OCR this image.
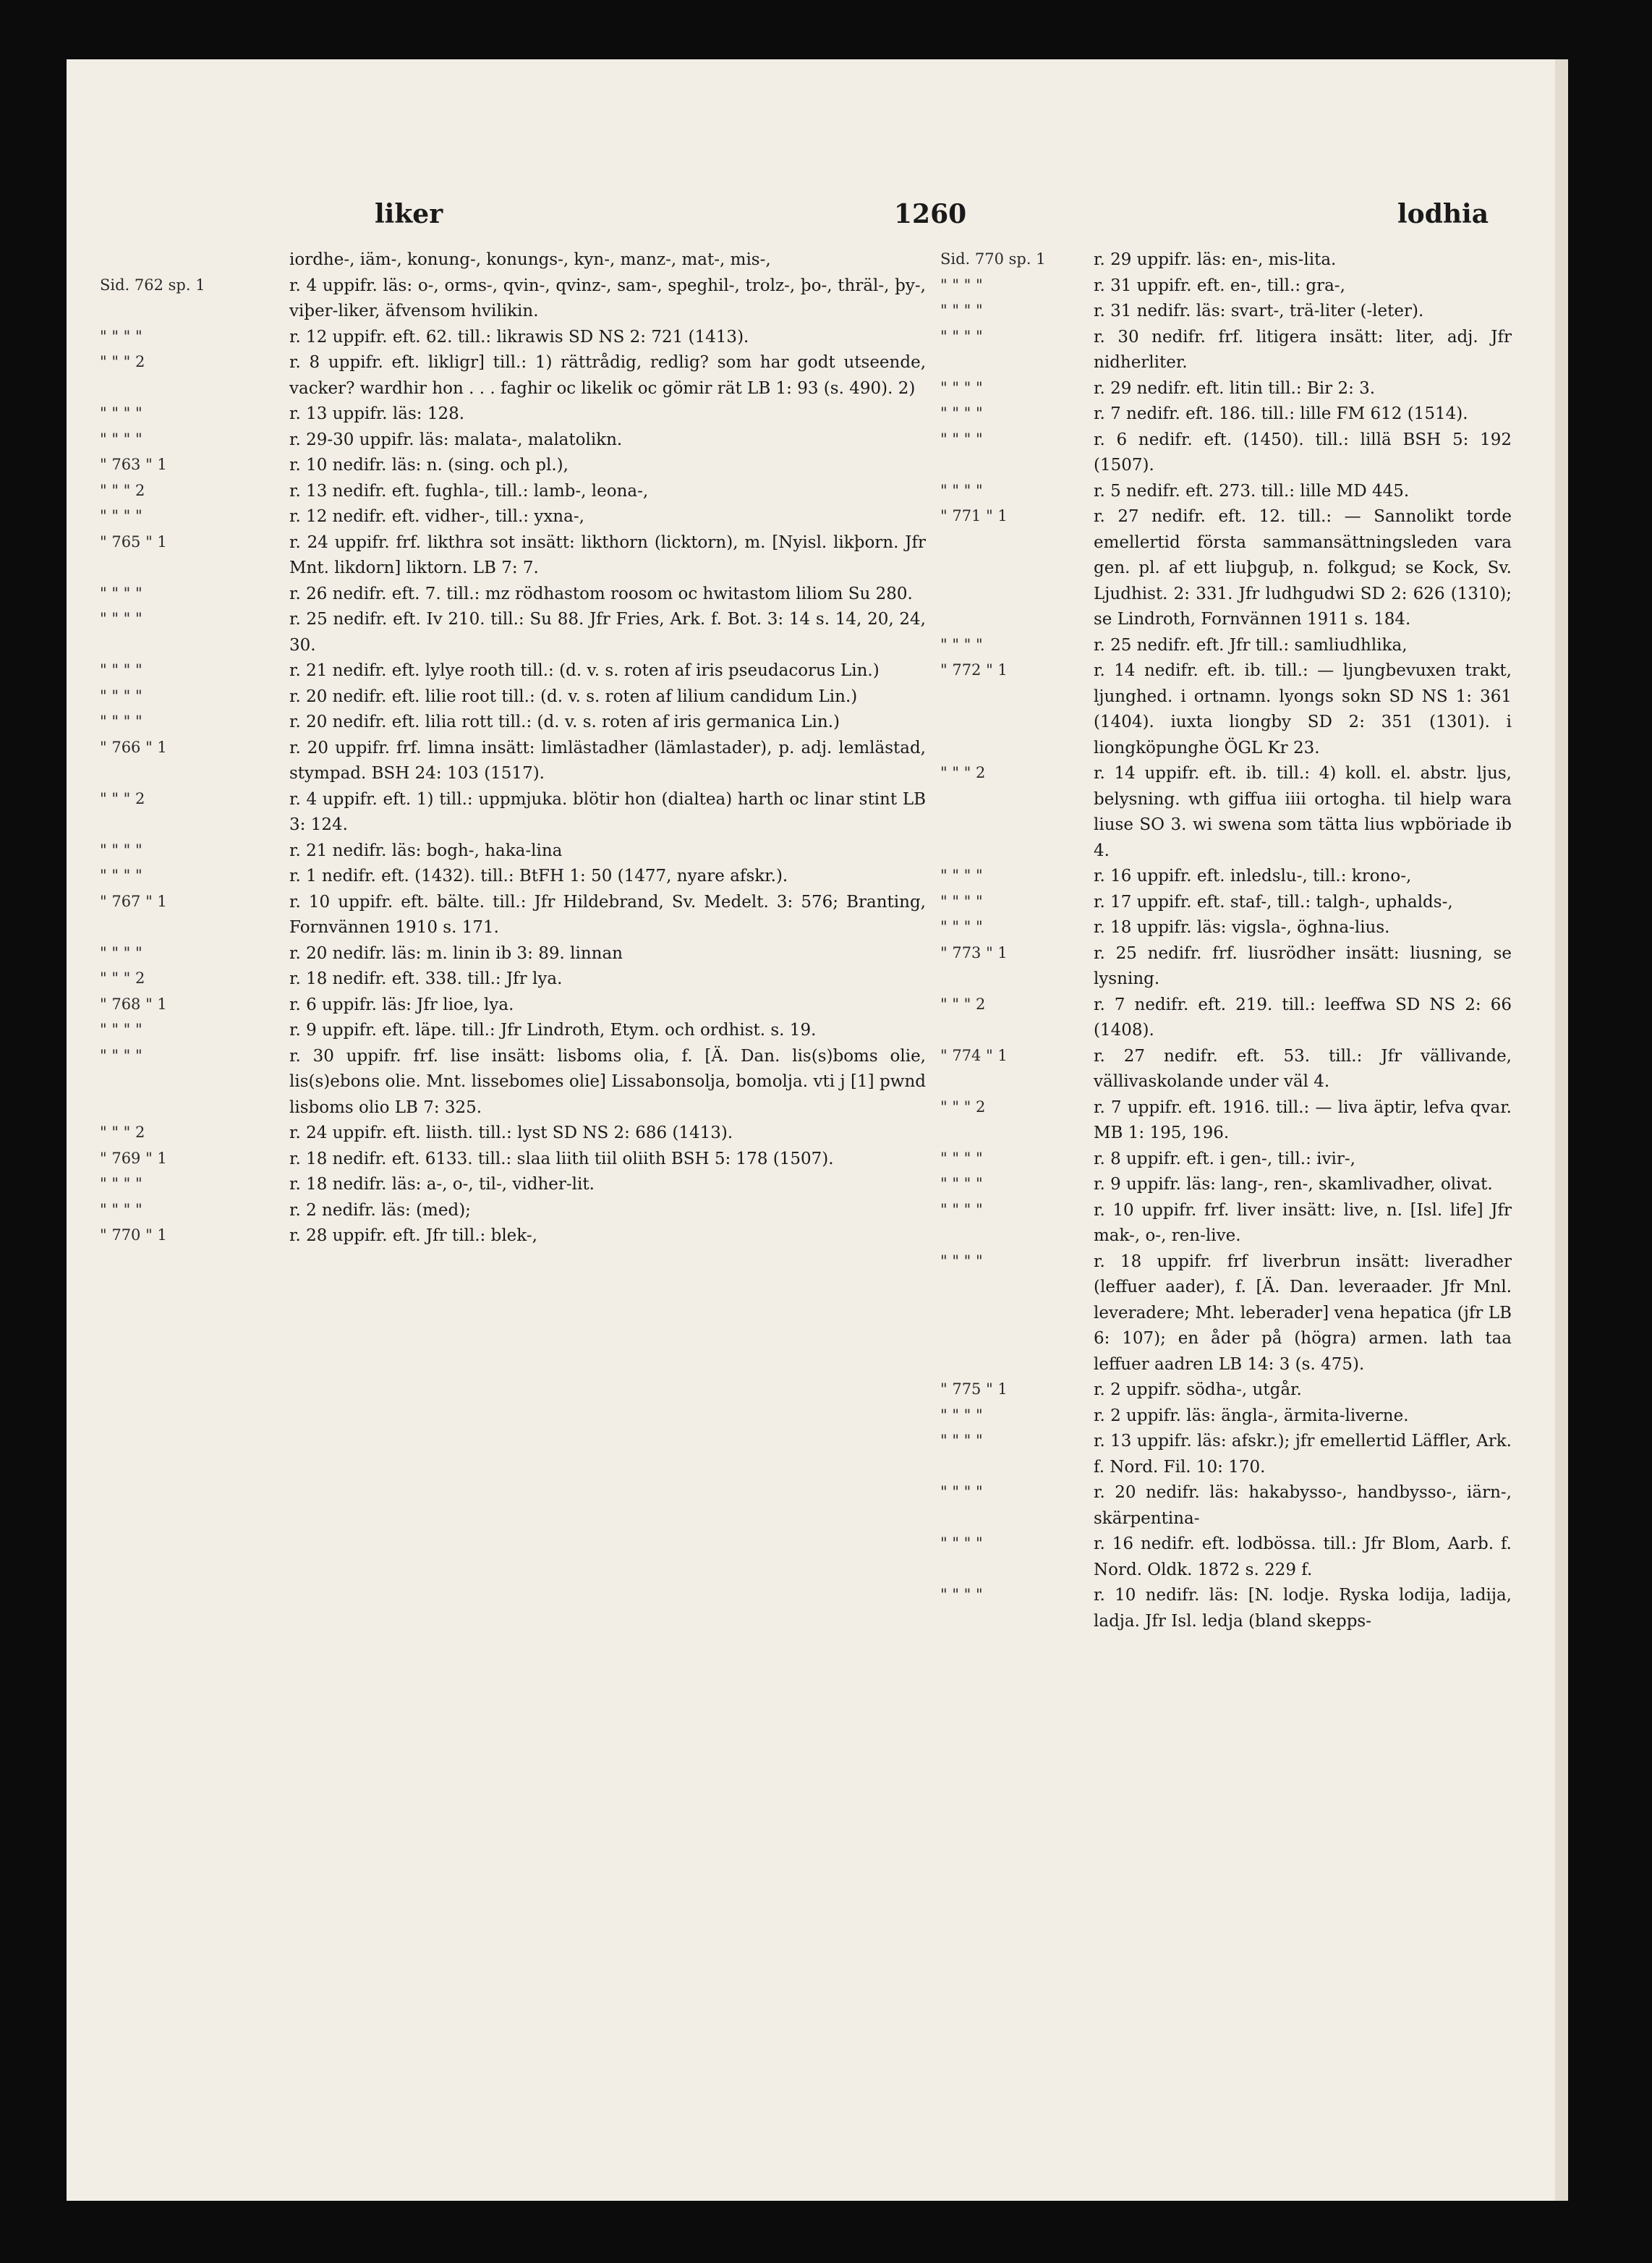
liker	1260	lodhia
iordhe-, iäm-, konung-, konungs-, kyn-, manz-, mat-, mis-,
Sid. 762 sp. 1	r. 4 uppifr. läs: o-, orms-, qvin-, qvinz-, sam-, speghil-, trolz-, þo-, thräl-, þy-, viþer-liker, äfvensom hvilikin.
" " " "	r. 12 uppifr. eft. 62. till.: likrawis SD NS 2: 721 (1413).
" " " 2	r. 8 uppifr. eft. likligr] till.: 1) rättrådig, redlig? som har godt utseende, vacker? wardhir hon . . . faghir oc likelik oc gömir rät LB 1: 93 (s. 490). 2)
" " " "	r. 13 uppifr. läs: 128.
" " " "	r. 29-30 uppifr. läs: malata-, malatolikn.
" 763 " 1	r. 10 nedifr. läs: n. (sing. och pl.),
" " " 2	r. 13 nedifr. eft. fughla-, till.: lamb-, leona-,
" " " "	r. 12 nedifr. eft. vidher-, till.: yxna-,
" 765 " 1	r. 24 uppifr. frf. likthra sot insätt: likthorn (licktorn), m. [Nyisl. likþorn. Jfr Mnt. likdorn] liktorn. LB 7: 7.
" " " "	r. 26 nedifr. eft. 7. till.: mz rödhastom roosom oc hwitastom liliom Su 280.
" " " "	r. 25 nedifr. eft. Iv 210. till.: Su 88. Jfr Fries, Ark. f. Bot. 3: 14 s. 14, 20, 24, 30.
" " " "	r. 21 nedifr. eft. lylye rooth till.: (d. v. s. roten af iris pseudacorus Lin.)
" " " "	r. 20 nedifr. eft. lilie root till.: (d. v. s. roten af lilium candidum Lin.)
" " " "	r. 20 nedifr. eft. lilia rott till.: (d. v. s. roten af iris germanica Lin.)
" 766 " 1	r. 20 uppifr. frf. limna insätt: limlästadher (lämlastader), p. adj. lemlästad, stympad. BSH 24: 103 (1517).
" " " 2	r. 4 uppifr. eft. 1) till.: uppmjuka. blötir hon (dialtea) harth oc linar stint LB 3: 124.
" " " "	r. 21 nedifr. läs: bogh-, haka-lina
" " " "	r. 1 nedifr. eft. (1432). till.: BtFH 1: 50 (1477, nyare afskr.).
" 767 " 1	r. 10 uppifr. eft. bälte. till.: Jfr Hildebrand, Sv. Medelt. 3: 576; Branting, Fornvännen 1910 s. 171.
" " " "	r. 20 nedifr. läs: m. linin ib 3: 89. linnan
" " " 2	r. 18 nedifr. eft. 338. till.: Jfr lya.
" 768 " 1	r. 6 uppifr. läs: Jfr lioe, lya.
" " " "	r. 9 uppifr. eft. läpe. till.: Jfr Lindroth, Etym. och ordhist. s. 19.
" " " "	r. 30 uppifr. frf. lise insätt: lisboms olia, f. [Ä. Dan. lis(s)boms olie, lis(s)ebons olie. Mnt. lissebomes olie] Lissabonsolja, bomolja. vti j [1] pwnd lisboms olio LB 7: 325.
" " " 2	r. 24 uppifr. eft. liisth. till.: lyst SD NS 2: 686 (1413).
" 769 " 1	r. 18 nedifr. eft. 6133. till.: slaa liith tiil oliith BSH 5: 178 (1507).
" " " "	r. 18 nedifr. läs: a-, o-, til-, vidher-lit.
" " " "	r. 2 nedifr. läs: (med);
" 770 " 1	r. 28 uppifr. eft. Jfr till.: blek-,
Sid. 770 sp. 1	r. 29 uppifr. läs: en-, mis-lita.
" " " "	r. 31 uppifr. eft. en-, till.: gra-,
" " " "	r. 31 nedifr. läs: svart-, trä-liter (-leter).
" " " "	r. 30 nedifr. frf. litigera insätt: liter, adj. Jfr nidherliter.
" " " "	r. 29 nedifr. eft. litin till.: Bir 2: 3.
" " " "	r. 7 nedifr. eft. 186. till.: lille FM 612 (1514).
" " " "	r. 6 nedifr. eft. (1450). till.: lillä BSH 5: 192 (1507).
" " " "	r. 5 nedifr. eft. 273. till.: lille MD 445.
" 771 " 1	r. 27 nedifr. eft. 12. till.: — Sannolikt torde emellertid första sammansättningsleden vara gen. pl. af ett liuþguþ, n. folkgud; se Kock, Sv. Ljudhist. 2: 331. Jfr ludhgudwi SD 2: 626 (1310); se Lindroth, Fornvännen 1911 s. 184.
" " " "	r. 25 nedifr. eft. Jfr till.: samliudhlika,
" 772 " 1	r. 14 nedifr. eft. ib. till.: — ljungbevuxen trakt, ljunghed. i ortnamn. lyongs sokn SD NS 1: 361 (1404). iuxta liongby SD 2: 351 (1301). i liongköpunghe ÖGL Kr 23.
" " " 2	r. 14 uppifr. eft. ib. till.: 4) koll. el. abstr. ljus, belysning. wth giffua iiii ortogha. til hielp wara liuse SO 3. wi swena som tätta lius wpböriade ib 4.
" " " "	r. 16 uppifr. eft. inledslu-, till.: krono-,
" " " "	r. 17 uppifr. eft. staf-, till.: talgh-, uphalds-,
" " " "	r. 18 uppifr. läs: vigsla-, öghna-lius.
" 773 " 1	r. 25 nedifr. frf. liusrödher insätt: liusning, se lysning.
" " " 2	r. 7 nedifr. eft. 219. till.: leeffwa SD NS 2: 66 (1408).
" 774 " 1	r. 27 nedifr. eft. 53. till.: Jfr vällivande, vällivaskolande under väl 4.
" " " 2	r. 7 uppifr. eft. 1916. till.: — liva äptir, lefva qvar. MB 1: 195, 196.
" " " "	r. 8 uppifr. eft. i gen-, till.: ivir-,
" " " "	r. 9 uppifr. läs: lang-, ren-, skamlivadher, olivat.
" " " "	r. 10 uppifr. frf. liver insätt: live, n. [Isl. life] Jfr mak-, o-, ren-live.
" " " "	r. 18 uppifr. frf liverbrun insätt: liveradher (leffuer aader), f. [Ä. Dan. leveraader. Jfr Mnl. leveradere; Mht. leberader] vena hepatica (jfr LB 6: 107); en åder på (högra) armen. lath taa leffuer aadren LB 14: 3 (s. 475).
" 775 " 1	r. 2 uppifr. södha-, utgår.
" " " "	r. 2 uppifr. läs: ängla-, ärmita-liverne.
" " " "	r. 13 uppifr. läs: afskr.); jfr emellertid Läffler, Ark. f. Nord. Fil. 10: 170.
" " " "	r. 20 nedifr. läs: hakabysso-, handbysso-, iärn-, skärpentina-
" " " "	r. 16 nedifr. eft. lodbössa. till.: Jfr Blom, Aarb. f. Nord. Oldk. 1872 s. 229 f.
" " " "	r. 10 nedifr. läs: [N. lodje. Ryska lodija, ladija, ladja. Jfr Isl. ledja (bland skepps-
